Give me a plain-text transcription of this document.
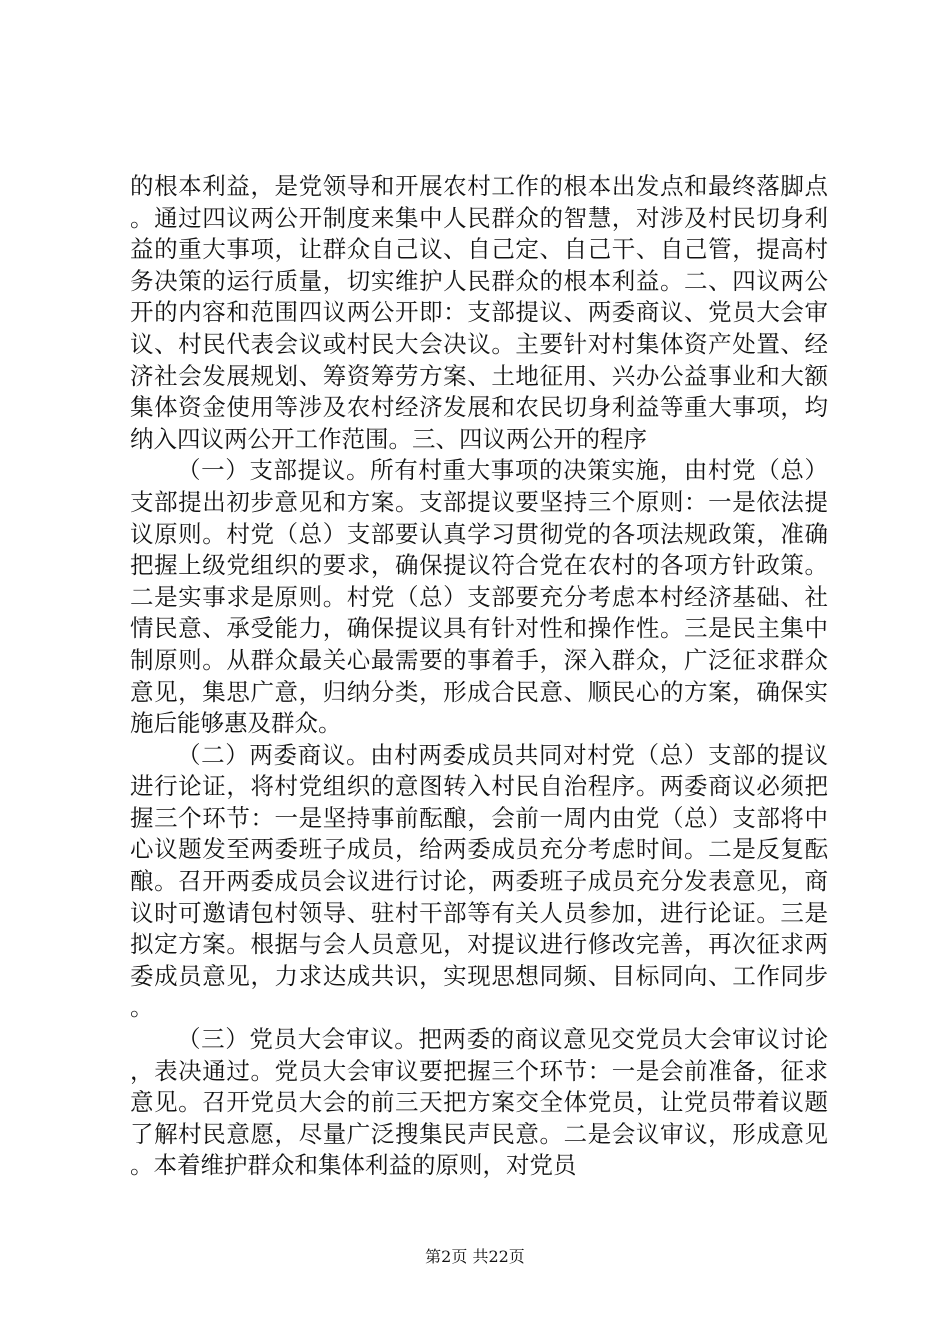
的根本利益，是党领导和开展农村工作的根本出发点和最终落脚点。通过四议两公开制度来集中人民群众的智慧，对涉及村民切身利益的重大事项，让群众自己议、自己定、自己干、自己管，提高村务决策的运行质量，切实维护人民群众的根本利益。二、四议两公开的内容和范围四议两公开即：支部提议、两委商议、党员大会审议、村民代表会议或村民大会决议。主要针对村集体资产处置、经济社会发展规划、筹资筹劳方案、土地征用、兴办公益事业和大额集体资金使用等涉及农村经济发展和农民切身利益等重大事项，均纳入四议两公开工作范围。三、四议两公开的程序

（一）支部提议。所有村重大事项的决策实施，由村党（总）支部提出初步意见和方案。支部提议要坚持三个原则：一是依法提议原则。村党（总）支部要认真学习贯彻党的各项法规政策，准确把握上级党组织的要求，确保提议符合党在农村的各项方针政策。二是实事求是原则。村党（总）支部要充分考虑本村经济基础、社情民意、承受能力，确保提议具有针对性和操作性。三是民主集中制原则。从群众最关心最需要的事着手，深入群众，广泛征求群众意见，集思广意，归纳分类，形成合民意、顺民心的方案，确保实施后能够惠及群众。

（二）两委商议。由村两委成员共同对村党（总）支部的提议进行论证，将村党组织的意图转入村民自治程序。两委商议必须把握三个环节：一是坚持事前酝酿，会前一周内由党（总）支部将中心议题发至两委班子成员，给两委成员充分考虑时间。二是反复酝酿。召开两委成员会议进行讨论，两委班子成员充分发表意见，商议时可邀请包村领导、驻村干部等有关人员参加，进行论证。三是拟定方案。根据与会人员意见，对提议进行修改完善，再次征求两委成员意见，力求达成共识，实现思想同频、目标同向、工作同步。

（三）党员大会审议。把两委的商议意见交党员大会审议讨论，表决通过。党员大会审议要把握三个环节：一是会前准备，征求意见。召开党员大会的前三天把方案交全体党员，让党员带着议题了解村民意愿，尽量广泛搜集民声民意。二是会议审议，形成意见。本着维护群众和集体利益的原则，对党员

第2页 共22页
